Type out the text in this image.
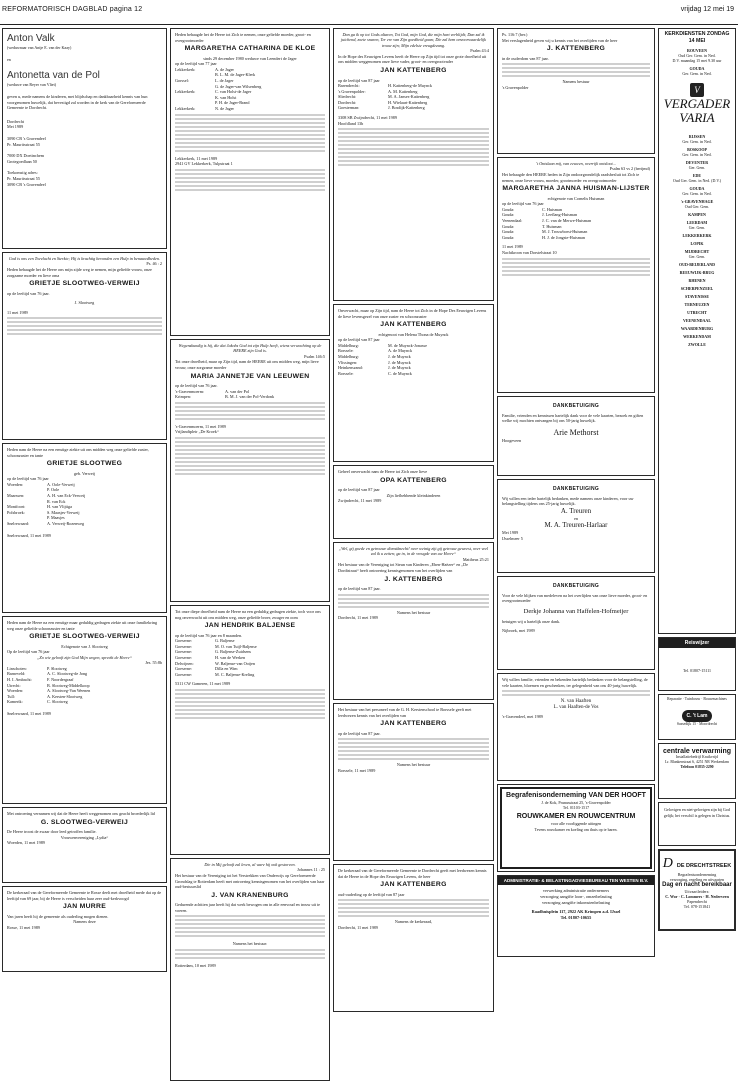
REFORMATORISCH DAGBLAD pagina 12	vrijdag 12 mei 19
Anton Valk
(weduwnaar van Antje E. van der Kaay)
en
Antonetta van de Pol
(weduwe van Reyer van Vliet)
geven u, mede namens de kinderen, met blijdschap en dankbaarheid kennis van hun voorgenomen huwelijk, dat bevestigd zal worden in de kerk van de Gereformeerde Gemeente te Dordrecht.
Dordrecht
Mei 1989
3090 CB 's Gravendeel
Pr. Mauritsstraat 55
7000 DX Doetinchem
Grotegoedlaan 50
Toekomstig adres:
Pr. Mauritsstraat 55
3090 CB 's Gravendeel
God is ons een Toevlucht en Sterkte; Hij is krachtig bevonden een Hulp in benauwdheden.
Ps. 46 : 2
Heden behaagde het de Heere ons mijn zijde weg te nemen, mijn geliefde vrouw, onze zorgzame moeder en lieve oma
GRIETJE SLOOTWEG-VERWEIJ
op de leeftijd van 76 jaar.
J. Slootweg
11 mei 1989
Heden nam de Heere na een ernstige ziekte uit ons midden weg onze geliefde zuster, schoonzuster en tante
GRIETJE SLOOTWEG
geb. Verweij
op de leeftijd van 76 jaar
Woerden:	A. Oole-Verweij
P. Oole
Maarssen:	A. H. van Eck-Verweij
R. van Eck
Montfoort:	H. van Vlijtiga
Polsbroek:	S. Maasjes-Verweij
P. Maasjes
Snelrewaard:	A. Verweij-Rozenweg
Snelrewaard, 11 mei 1989
Heden nam de Heere na een ernstige maar geduldig gedragen ziekte uit onze familiekring weg onze geliefde schoonzuster en tante
GRIETJE SLOOTWEG-VERWEIJ
Echtgenote van J. Slootweg
Op de leeftijd van 76 jaar
„Zo wie gelooft zijn God Mijn wegen, spreekt de Heere“
Jes. 55:8b
Linschoten:	P. Slootweg
Barneveld:	A. C. Slootweg-de Jong
H. I. Ambacht:	F. Noordergraaf
Utrecht:	B. Slootweg-Middelkoop
Woerden:	A. Slootweg-Van Weenen
Tull:	A. Kersten-Slootweg
Kamerik:	C. Slootweg
Snelrewaard, 11 mei 1989
Met ontroering vernamen wij dat de Heere heeft weggenomen ons geacht broederlijk lid
G. SLOOTWEG-VERWEIJ
De Heere troost de zwaar door leed getroffen familie.
Vrouwenvereniging „Lydia“
Woerden, 11 mei 1989
De kerkeraad van de Gereformeerde Gemeente te Rosse deelt met droefheid mede dat op de leeftijd van 69 jaar, bij de Heere is verscheiden haar zeer oud-kerkvoogd
JAN MURRE
Van jaren heeft hij de gemeente als ouderling mogen dienen.
Namens deze
Rosse, 11 mei 1989
Heden behaagde het de Heere tot Zich te nemen, onze geliefde moeder, groot- en overgrootmoeder
MARGARETHA CATHARINA DE KLOE
sinds 29 december 1980 weduwe van Leendert de Jager
op de leeftijd van 77 jaar
Lekkerkerk:	A. de Jager
B. L. M. de Jager-Klerk
Gorssel:	L. de Jager
G. de Jager-van Wilsenberg
Lekkerkerk:	C. van Holst-de Jager
K. van Holst
P. H. de Jager-Brand
Lekkerkerk:	N. de Jager
Lekkerkerk, 11 mei 1989
2941 GV Lekkerkerk, Tulpstraat 1
Wegenskundig is hij, die dat Jakobs God tot zijn Hulp heeft, wiens verwachting op de HEERE zijn God is.
Psalm 146:5
Tot onze droefheid, maar op Zijn tijd, nam de HEERE uit ons midden weg, mijn lieve vrouw, onze zorgzame moeder
MARIA JANNETJE VAN LEEUWEN
op de leeftijd van 76 jaar.
's-Gravenmoerm:	A. van der Pol
Krimpen:	B. M. J. van der Pol-Verdonk
's-Gravenmoerm, 11 mei 1989
Vrijlandtpleir „De Kroek“
Tot onze diepe droefheid nam de Heere na een geduldig gedragen ziekte, toch voor ons nog onverwacht uit ons midden weg, onze geliefde broer, zwager en oom
JAN HENDRIK BALJENSE
op de leeftijd van 76 jaar en 8 maanden.
Goeserne:	G. Baljense
Goeserne:	M. O. van Tuijl-Baljense
Goeserne:	G. Baljense-Zuidsens
Goeserne:	H. van de Werken
Delwijnen:	W. Baljense-van Ooijen
Goeserne:	Dilla en Wim
Goeserne:	M. C. Baljense-Kreling
5311 CW Gameren, 11 mei 1989
Die in Mij gelooft zal leven, al ware hij ook gestorven.
Johannes 11 : 25
Het bestuur van de Vereniging tot het Verstrekken van Onderwijs op Gereformeerde Grondslag te Rotterdam heeft met ontroering kennisgenomen van het overlijden van haar oud-bestuurslid
J. VAN KRANENBURG
Gedurende achttien jaar heeft hij dat werk bewogen om in alle eenvoud en trouw uit te voeren.
Namens het bestuur:
Rotterdam, 10 mei 1989
Dan ga ik op tot Gods altaren, Tot God, mijn God, die mijn hart verblijdt; Dan zal ik juichend, zoete snaren, Ter ere van Zijn goedheid gaan; Die zal hem onvoorwaardelijk trouw zijn; Mijn edelste vreugdezang.
Psalm 43:4
In de Hope des Eeuwigen Levens heeft de Heere op Zijn tijd tot onze grote droefheid uit ons midden weggenomen onze lieve vader, groot- en overgrootvader
JAN KATTENBERG
op de leeftijd van 87 jaar
Barendrecht:	H. Kattenberg-de Muynck
's Gravenpolder:	A. M. Kattenberg
Sliedrecht:	M. A. Janses-Kattenberg
Dordrecht:	H. Wielaart-Kattenberg
Goesterman:	J. Bosdijk-Kattenberg
3308 SB Zwijndrecht, 11 mei 1989
Hoofdland 13b
Onverwacht, maar op Zijn tijd, nam de Heere tot Zich in de Hope Des Eeuwigen Levens de lieve levensgezel van onze zuster en schoonzuster
JAN KATTENBERG
echtgenoot van Helena Thona de Muynck
op de leeftijd van 87 jaar
Middelburg:	M. de Muynck-Jonasse
Borssele:	A. de Muynck
Middelburg:	J. de Muynck
Vlissingen:	J. de Muynck
Heinkenszand:	J. de Muynck
Borssele:	C. de Muynck
Geheel onverwacht nam de Heere tot Zich onze lieve
OPA KATTENBERG
op de leeftijd van 87 jaar
Zijn liefhebbende kleinkinderen
Zwijndrecht, 11 mei 1989
„Wel, gij goede en getrouwe dienstknecht! over weinig zijt gij getrouw geweest, over veel zal ik u zetten; ga in, in de vreugde van uw Heere“
Mattheus 25:21
Het bestuur van de Vereniging tot Steun van Kinderen „Eben-Haëzer“ en „De Dordtstraat“ heeft ontroering kennisgenomen van het overlijden van
J. KATTENBERG
op de leeftijd van 87 jaar.
Namens het bestuur
Dordrecht, 11 mei 1989
Het bestuur van het personeel van de G. H. Kerstenschool te Borssele geeft met leedwezen kennis van het overlijden van
JAN KATTENBERG
op de leeftijd van 87 jaar.
Namens het bestuur
Borssele, 11 mei 1989
De kerkeraad van de Gereformeerde Gemeente te Dordrecht geeft met leedwezen kennis dat de Heere in de Hope des Eeuwigen Levens, de heer
JAN KATTENBERG
oud-ouderling op de leeftijd van 87 jaar
Namens de kerkeraad,
Dordrecht, 11 mei 1989
Ps. 116:7 (ber.)
Met verslagenheid geven wij u kennis van het overlijden van de heer
J. KATTENBERG
in de ouderdom van 87 jaar.
Namens bestuur
's Gravenpolder
't Ontslaan mij, van eeuwen, overrijk ontsloot...
Psalm 63 vs 2 (berijmd)
Het behaagde den HEERE heden in Zijn ondoorgrondelijk raadsbesluit tot Zich te nemen, onze lieve vrouw, moeder, grootmoeder en overgrootmoeder
MARGARETHA JANNA HUISMAN-LIJSTER
echtgenote van Cornelis Huisman
op de leeftijd van 76 jaar
Gouda:	C. Huisman
Gouda:	J. Leeflang-Huisman
Veenendaal:	J. C. van de Merwe-Huisman
Gouda:	T. Huisman
Gouda:	M. J. Trouwborst-Huisman
Gouda:	H. J. de Jongste-Huisman
11 mei 1989
Nachtkroon van Dorstelstraat 10
DANKBETUIGING
Familie, vrienden en kennissen hartelijk dank voor de vele kaarten, bezoek en giften welke wij mochten ontvangen bij ons 50-jarig huwelijk.
Arie Methorst
Hoogeveen
DANKBETUIGING
Wij willen een ieder hartelijk bedanken, mede namens onze kinderen, voor uw belangstelling tijdens ons 25-jarig huwelijk.
A. Treuren
en
M. A. Treuren-Harlaar
Mei 1989
IJsselmeer 5
DANKBETUIGING
Voor de vele blijken van medeleven na het overlijden van onze lieve moeder, groot- en overgrootmoeder
Derkje Johanna van Haffelen-Hofmeijer
betuigen wij u hartelijk onze dank.
Nijbroek, mei 1989
Wij willen familie, vrienden en bekenden hartelijk bedanken voor de belangstelling, de vele kaarten, bloemen en geschenken, ter gelegenheid van ons 40-jarig huwelijk.
N. van Haaften
L. van Haaften-de Vos
's-Gravendeel, mei 1989
Begrafenisonderneming VAN DER HOOFT
J. de Kok, Prunusstraat 25, 's-Gravenpolder
Tel. 01103-1517
ROUWKAMER EN ROUWCENTRUM
voor alle voorliggende uitingen
Tevens rouwkamer en koeling om thuis op te baren.
ADMINISTRATIE- & BELASTINGADVIESBUREAU TEN WESTEN B.V.
verwerking administratie ondernemers
verzorging aangifte loon-, omzetbelasting
verzorging aangifte inkomstenbelasting
Raadhuisplein 117, 2922 AK Krimpen a.d. IJssel
Tel. 01807-10655
KERKDIENSTEN ZONDAG 14 MEI
ROUVEEN
Oud Ger. Gem. in Ned.
D.V. maandag 15 mei 9.30 uur
GOUDA
Ger. Gem. in Ned.
V VERGADER VARIA
RIJSSEN
Ger. Gem. in Ned.
BOSKOOP
Ger. Gem. in Ned.
DEVENTER
Ger. Gem.
EDE
Oud Ger. Gem. in Ned. (D.V.)
GOUDA
Ger. Gem. in Ned.
's-GRAVENHAGE
Oud Ger. Gem.
KAMPEN
LEERDAM
Ger. Gem.
LEKKERKERK
LOPIK
MIJDRECHT
Ger. Gem.
OUD-BEIJERLAND
REEUWIJK-BRUG
RHENEN
SCHERPENZEEL
STAVENISSE
TERNEUZEN
UTRECHT
VEENENDAAL
WAARDENBURG
WERKENDAM
ZWOLLE
Reiswijzer
Tel. 01807-15111
Reparatie · Tuinbouw · Bouwmachines
C. 't Lam
Sassedijk 15 · Moordrecht
centrale verwarming
Installatiebedrijf Kruikvrijd
Lr. Blankenstraat 6, 4251 NR Werkendam
Telefoon 01835-2290
Gelovigen en niet-gelovigen zijn bij God gelijk; het verschil is gelegen in Christus.
D DE DRECHTSTREEK
Begrafenisonderneming
verzorging, regeling en uitvaarten
Dag en nacht bereikbaar
Uitvaartleiders:
C. Wor · C. Lommers · H. Nederveen
Papendrecht
Tel. 078-151841
